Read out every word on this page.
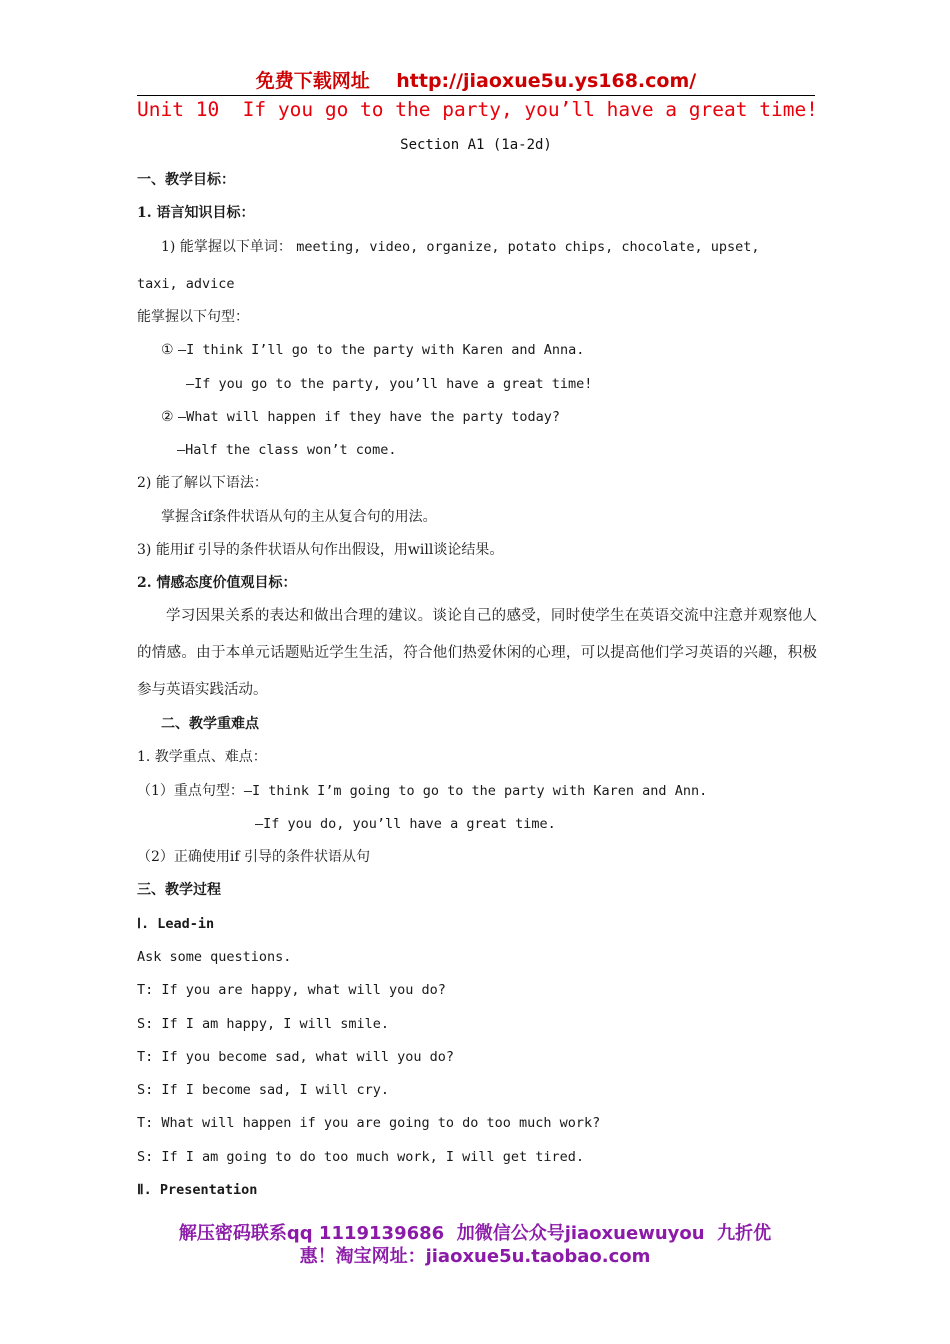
免费下载网址 http://jiaoxue5u.ys168.com/
Unit 10  If you go to the party, you’ll have a great time!
Section A1 (1a-2d)
一、教学目标：
1. 语言知识目标：
1) 能掌握以下单词： meeting, video, organize, potato chips, chocolate, upset,
taxi, advice
能掌握以下句型：
① —I think I’ll go to the party with Karen and Anna.
—If you go to the party, you’ll have a great time!
② —What will happen if they have the party today?
—Half the class won’t come.
2) 能了解以下语法：
掌握含if条件状语从句的主从复合句的用法。
3) 能用if 引导的条件状语从句作出假设，用will谈论结果。
2. 情感态度价值观目标：
学习因果关系的表达和做出合理的建议。谈论自己的感受，同时使学生在英语交流中注意并观察他人的情感。由于本单元话题贴近学生生活，符合他们热爱休闲的心理，可以提高他们学习英语的兴趣，积极参与英语实践活动。
二、教学重难点
1. 教学重点、难点：
（1）重点句型：—I think I’m going to go to the party with Karen and Ann.
—If you do, you’ll have a great time.
（2）正确使用if 引导的条件状语从句
三、教学过程
Ⅰ. Lead-in
Ask some questions.
T: If you are happy, what will you do?
S: If I am happy, I will smile.
T: If you become sad, what will you do?
S: If I become sad, I will cry.
T: What will happen if you are going to do too much work?
S: If I am going to do too much work, I will get tired.
Ⅱ. Presentation
解压密码联系qq 1119139686  加微信公众号jiaoxuewuyou  九折优
惠！淘宝网址：jiaoxue5u.taobao.com
